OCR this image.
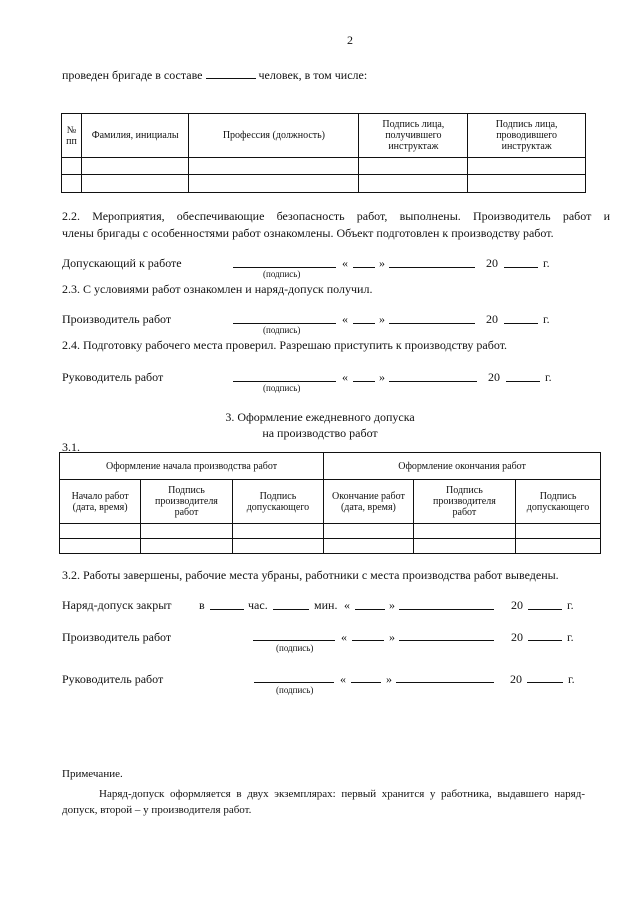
2
проведен бригаде в составе	человек, в том числе:
№ пп	Фамилия, инициалы	Профессия (должность)	Подпись лица, получившего инструктаж	Подпись лица, проводившего инструктаж

2.2. Мероприятия, обеспечивающие безопасность работ, выполнены. Производитель работ и
члены бригады с особенностями работ ознакомлены. Объект подготовлен к производству работ.
Допускающий к работе
(подпись)
«	»	20	г.
2.3. С условиями работ ознакомлен и наряд-допуск получил.
Производитель работ
(подпись)
«	»	20	г.
2.4. Подготовку рабочего места проверил. Разрешаю приступить к производству работ.
Руководитель работ
(подпись)
«	»	20	г.
3. Оформление ежедневного допуска
на производство работ
3.1.
Оформление начала производства работ			Оформление окончания работ		
Начало работ (дата, время)	Подпись производителя работ	Подпись допускающего	Окончание работ (дата, время)	Подпись производителя работ	Подпись допускающего

3.2. Работы завершены, рабочие места убраны, работники с места производства работ выведены.
Наряд-допуск закрыт в	час.	мин. «	»	20	г.
Производитель работ
(подпись)
«	»	20	г.
Руководитель работ
(подпись)
«	»	20	г.
Примечание.
Наряд-допуск оформляется в двух экземплярах: первый хранится у работника, выдавшего наряд-
допуск, второй – у производителя работ.
